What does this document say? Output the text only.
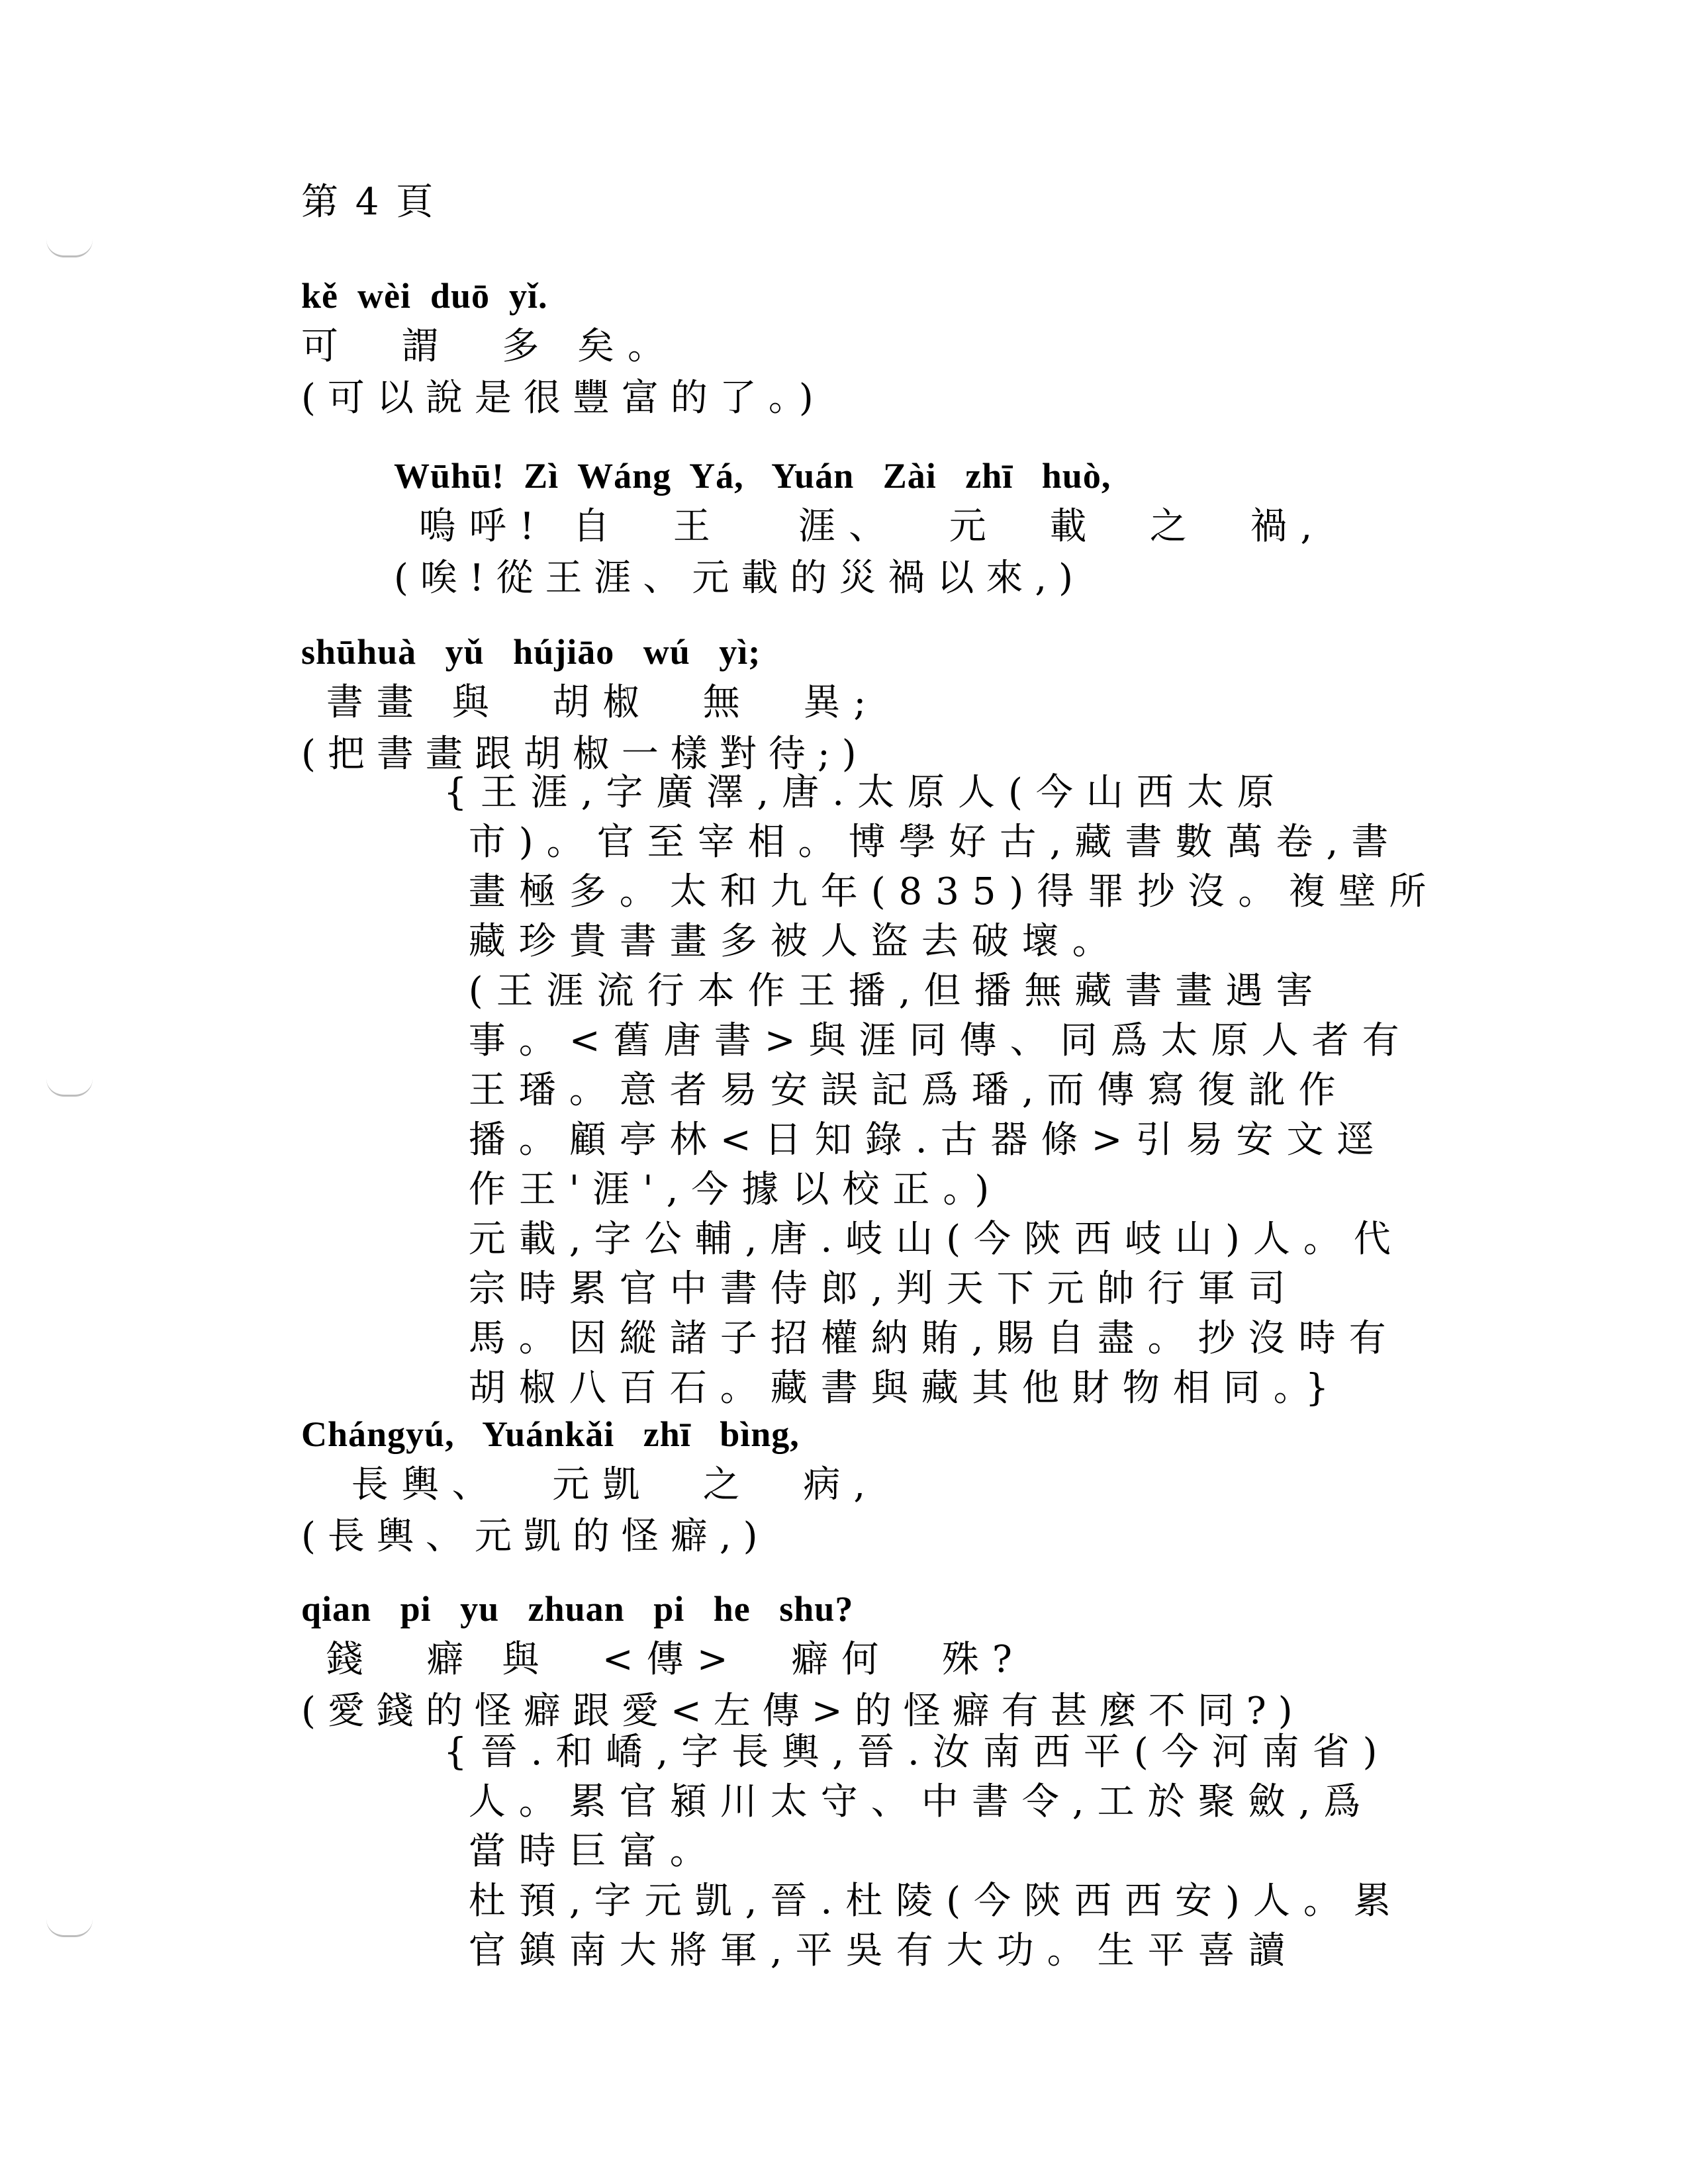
第 4 頁
kě  wèi  duō  yǐ.
可  謂  多 矣。
(可以說是很豐富的了。)
Wūhū!  Zì  Wáng  Yá,   Yuán   Zài   zhī   huò,
嗚呼! 自  王   涯、  元  載  之  禍,
(唉!從王涯、元載的災禍以來,)
shūhuà   yǔ   hújiāo   wú   yì;
書畫 與  胡椒  無  異;
(把書畫跟胡椒一樣對待;)
{王涯,字廣澤,唐.太原人(今山西太原
市)。官至宰相。博學好古,藏書數萬卷,書
畫極多。太和九年(835)得罪抄沒。複壁所
藏珍貴書畫多被人盜去破壞。
(王涯流行本作王播,但播無藏書畫遇害
事。<舊唐書>與涯同傳、同爲太原人者有
王璠。意者易安誤記爲璠,而傳寫復訛作
播。顧亭林<日知錄.古器條>引易安文逕
作王'涯',今據以校正。)
元載,字公輔,唐.岐山(今陝西岐山)人。代
宗時累官中書侍郎,判天下元帥行軍司
馬。因縱諸子招權納賄,賜自盡。抄沒時有
胡椒八百石。藏書與藏其他財物相同。}
Chángyú,   Yuánkǎi   zhī   bìng,
長輿、  元凱  之  病,
(長輿、元凱的怪癖,)
qian   pi   yu   zhuan   pi   he   shu?
錢  癖 與  <傳>  癖何  殊?
(愛錢的怪癖跟愛<左傳>的怪癖有甚麼不同?)
{晉.和嶠,字長輿,晉.汝南西平(今河南省)
人。累官潁川太守、中書令,工於聚斂,爲
當時巨富。
杜預,字元凱,晉.杜陵(今陝西西安)人。累
官鎮南大將軍,平吳有大功。生平喜讀
